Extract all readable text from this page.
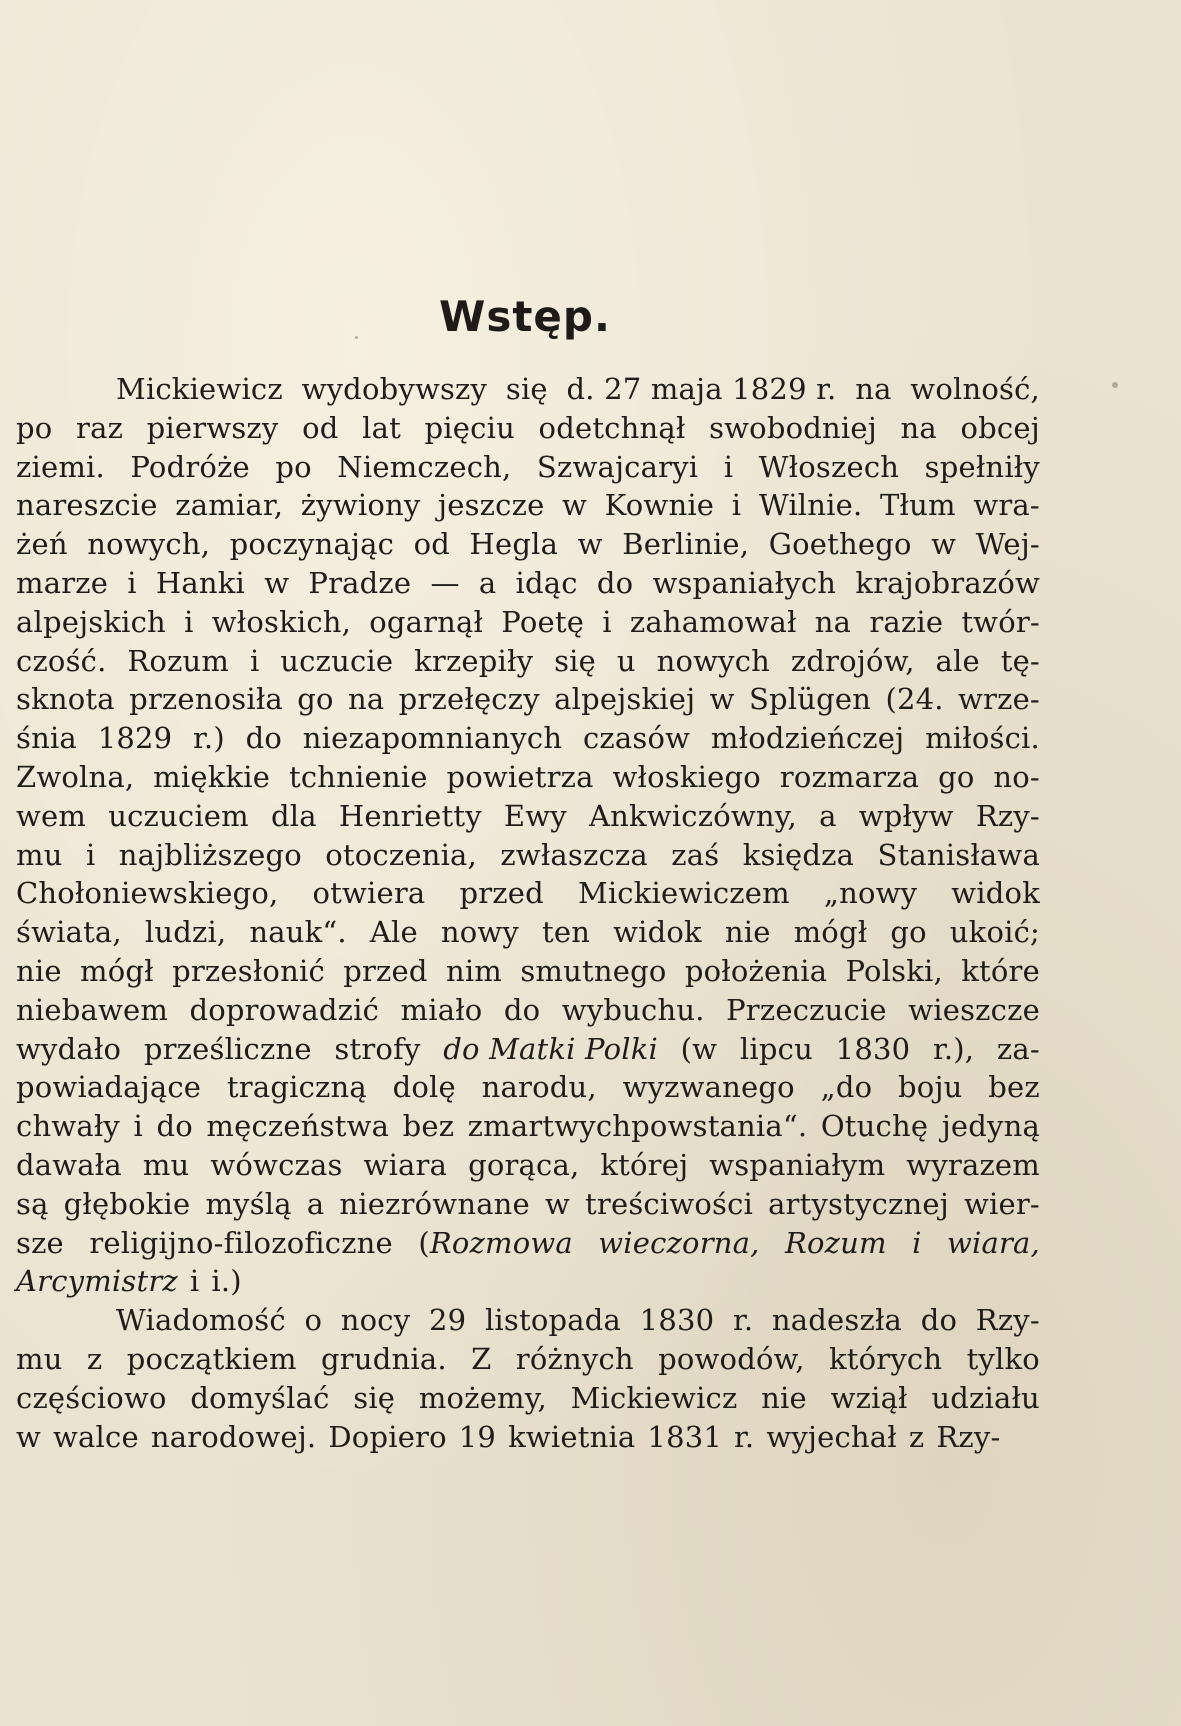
Wstęp.
Mickiewicz wydobywszy się d. 27 maja 1829 r. na wolność,
po raz pierwszy od lat pięciu odetchnął swobodniej na obcej
ziemi. Podróże po Niemczech, Szwajcaryi i Włoszech spełniły
nareszcie zamiar, żywiony jeszcze w Kownie i Wilnie. Tłum wra-
żeń nowych, poczynając od Hegla w Berlinie, Goethego w Wej-
marze i Hanki w Pradze — a idąc do wspaniałych krajobrazów
alpejskich i włoskich, ogarnął Poetę i zahamował na razie twór-
czość. Rozum i uczucie krzepiły się u nowych zdrojów, ale tę-
sknota przenosiła go na przełęczy alpejskiej w Splügen (24. wrze-
śnia 1829 r.) do niezapomnianych czasów młodzieńczej miłości.
Zwolna, miękkie tchnienie powietrza włoskiego rozmarza go no-
wem uczuciem dla Henrietty Ewy Ankwiczówny, a wpływ Rzy-
mu i najbliższego otoczenia, zwłaszcza zaś księdza Stanisława
Chołoniewskiego, otwiera przed Mickiewiczem „nowy widok
świata, ludzi, nauk“. Ale nowy ten widok nie mógł go ukoić;
nie mógł przesłonić przed nim smutnego położenia Polski, które
niebawem doprowadzić miało do wybuchu. Przeczucie wieszcze
wydało prześliczne strofy do Matki Polki (w lipcu 1830 r.), za-
powiadające tragiczną dolę narodu, wyzwanego „do boju bez
chwały i do męczeństwa bez zmartwychpowstania“. Otuchę jedyną
dawała mu wówczas wiara gorąca, której wspaniałym wyrazem
są głębokie myślą a niezrównane w treściwości artystycznej wier-
sze religijno-filozoficzne (Rozmowa wieczorna, Rozum i wiara,
Arcymistrz i i.)
Wiadomość o nocy 29 listopada 1830 r. nadeszła do Rzy-
mu z początkiem grudnia. Z różnych powodów, których tylko
częściowo domyślać się możemy, Mickiewicz nie wziął udziału
w walce narodowej. Dopiero 19 kwietnia 1831 r. wyjechał z Rzy-
